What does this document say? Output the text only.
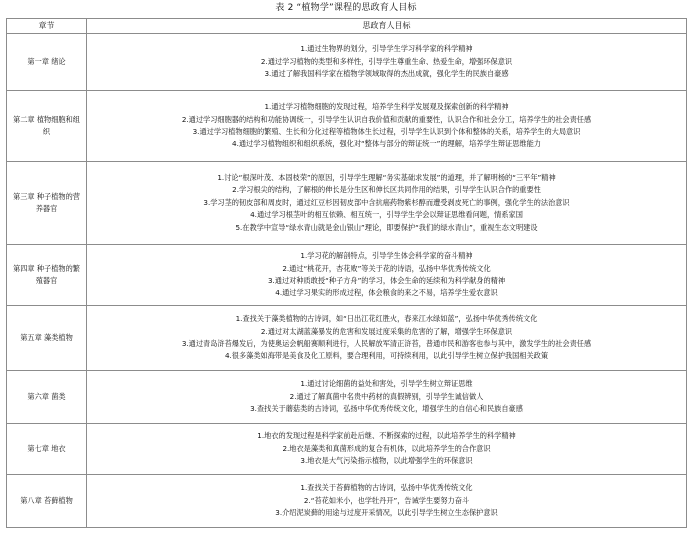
表 2 “植物学”课程的思政育人目标
章节	思政育人目标
第一章 绪论	1.通过生物界的划分，引导学生学习科学家的科学精神
2.通过学习植物的类型和多样性，引导学生尊重生命、热爱生命，增强环保意识
3.通过了解我国科学家在植物学领域取得的杰出成就，强化学生的民族自豪感

第二章 植物细胞和组织	1.通过学习植物细胞的发现过程，培养学生科学发展观及探索创新的科学精神
2.通过学习细胞器的结构和功能协调统一，引导学生认识自我价值和贡献的重要性，认识合作和社会分工，培养学生的社会责任感
3.通过学习植物细胞的繁殖、生长和分化过程等植物体生长过程，引导学生认识到个体和整体的关系，培养学生的大局意识
4.通过学习植物组织和组织系统，强化对“整体与部分的辩证统一”的理解，培养学生辩证思维能力

第三章 种子植物的营养器官	1.讨论“根深叶茂、本固枝荣”的原因，引导学生理解“务实基础求发展”的道理，并了解明杨的“三平年”精神
2.学习根尖的结构，了解根的伸长是分生区和伸长区共同作用的结果，引导学生认识合作的重要性
3.学习茎的韧皮部和周皮时，通过红豆杉因韧皮部中含抗癌药物紫杉醇而遭受剥皮死亡的事例，强化学生的法治意识
4.通过学习根茎叶的相互依赖、相互统一，引导学生学会以辩证思维看问题，情系家国
5.在教学中宣导“绿水青山就是金山银山”理论，即要保护“我们的绿水青山”，重视生态文明建设

第四章 种子植物的繁殖器官	1.学习花的解剖特点，引导学生体会科学家的奋斗精神
2.通过“桃花开，杏花败”等关于花的诗语，弘扬中华优秀传统文化
3.通过对种质敢授“种子方舟”的学习，体会生命的延续和为科学献身的精神
4.通过学习果实的形成过程，体会粮食的来之不易，培养学生爱农意识

第五章 藻类植物	1.查找关于藻类植物的古诗词，如“日出江花红胜火，春来江水绿如蓝”，弘扬中华优秀传统文化
2.通过对太湖蓝藻暴发的危害和发展过度采集的危害的了解，增强学生环保意识
3.通过青岛浒苔爆发后，为使奥运会帆船赛顺利进行，人民解放军清正浒苔，普通市民和游客也参与其中，激发学生的社会责任感
4.很多藻类如海带是美食及化工原料，要合理利用，可持续利用，以此引导学生树立保护我国相关政策

第六章 菌类	1.通过讨论细菌的益处和害处，引导学生树立辩证思维
2.通过了解真菌中名贵中药材的真假辨别，引导学生诚信做人
3.查找关于蘑菇类的古诗词，弘扬中华优秀传统文化，增强学生的自信心和民族自豪感

第七章 地衣	1.地衣的发现过程是科学家前赴后继、不断探索的过程，以此培养学生的科学精神
2.地衣是藻类和真菌形成的复合有机体，以此培养学生的合作意识
3.地衣是大气污染指示植物，以此增强学生的环保意识

第八章 苔藓植物	1.查找关于苔藓植物的古诗词，弘扬中华优秀传统文化
2.“苔花如米小，也学牡丹开”，告诫学生要努力奋斗
3.介绍泥炭藓的用途与过度开采情况，以此引导学生树立生态保护意识
